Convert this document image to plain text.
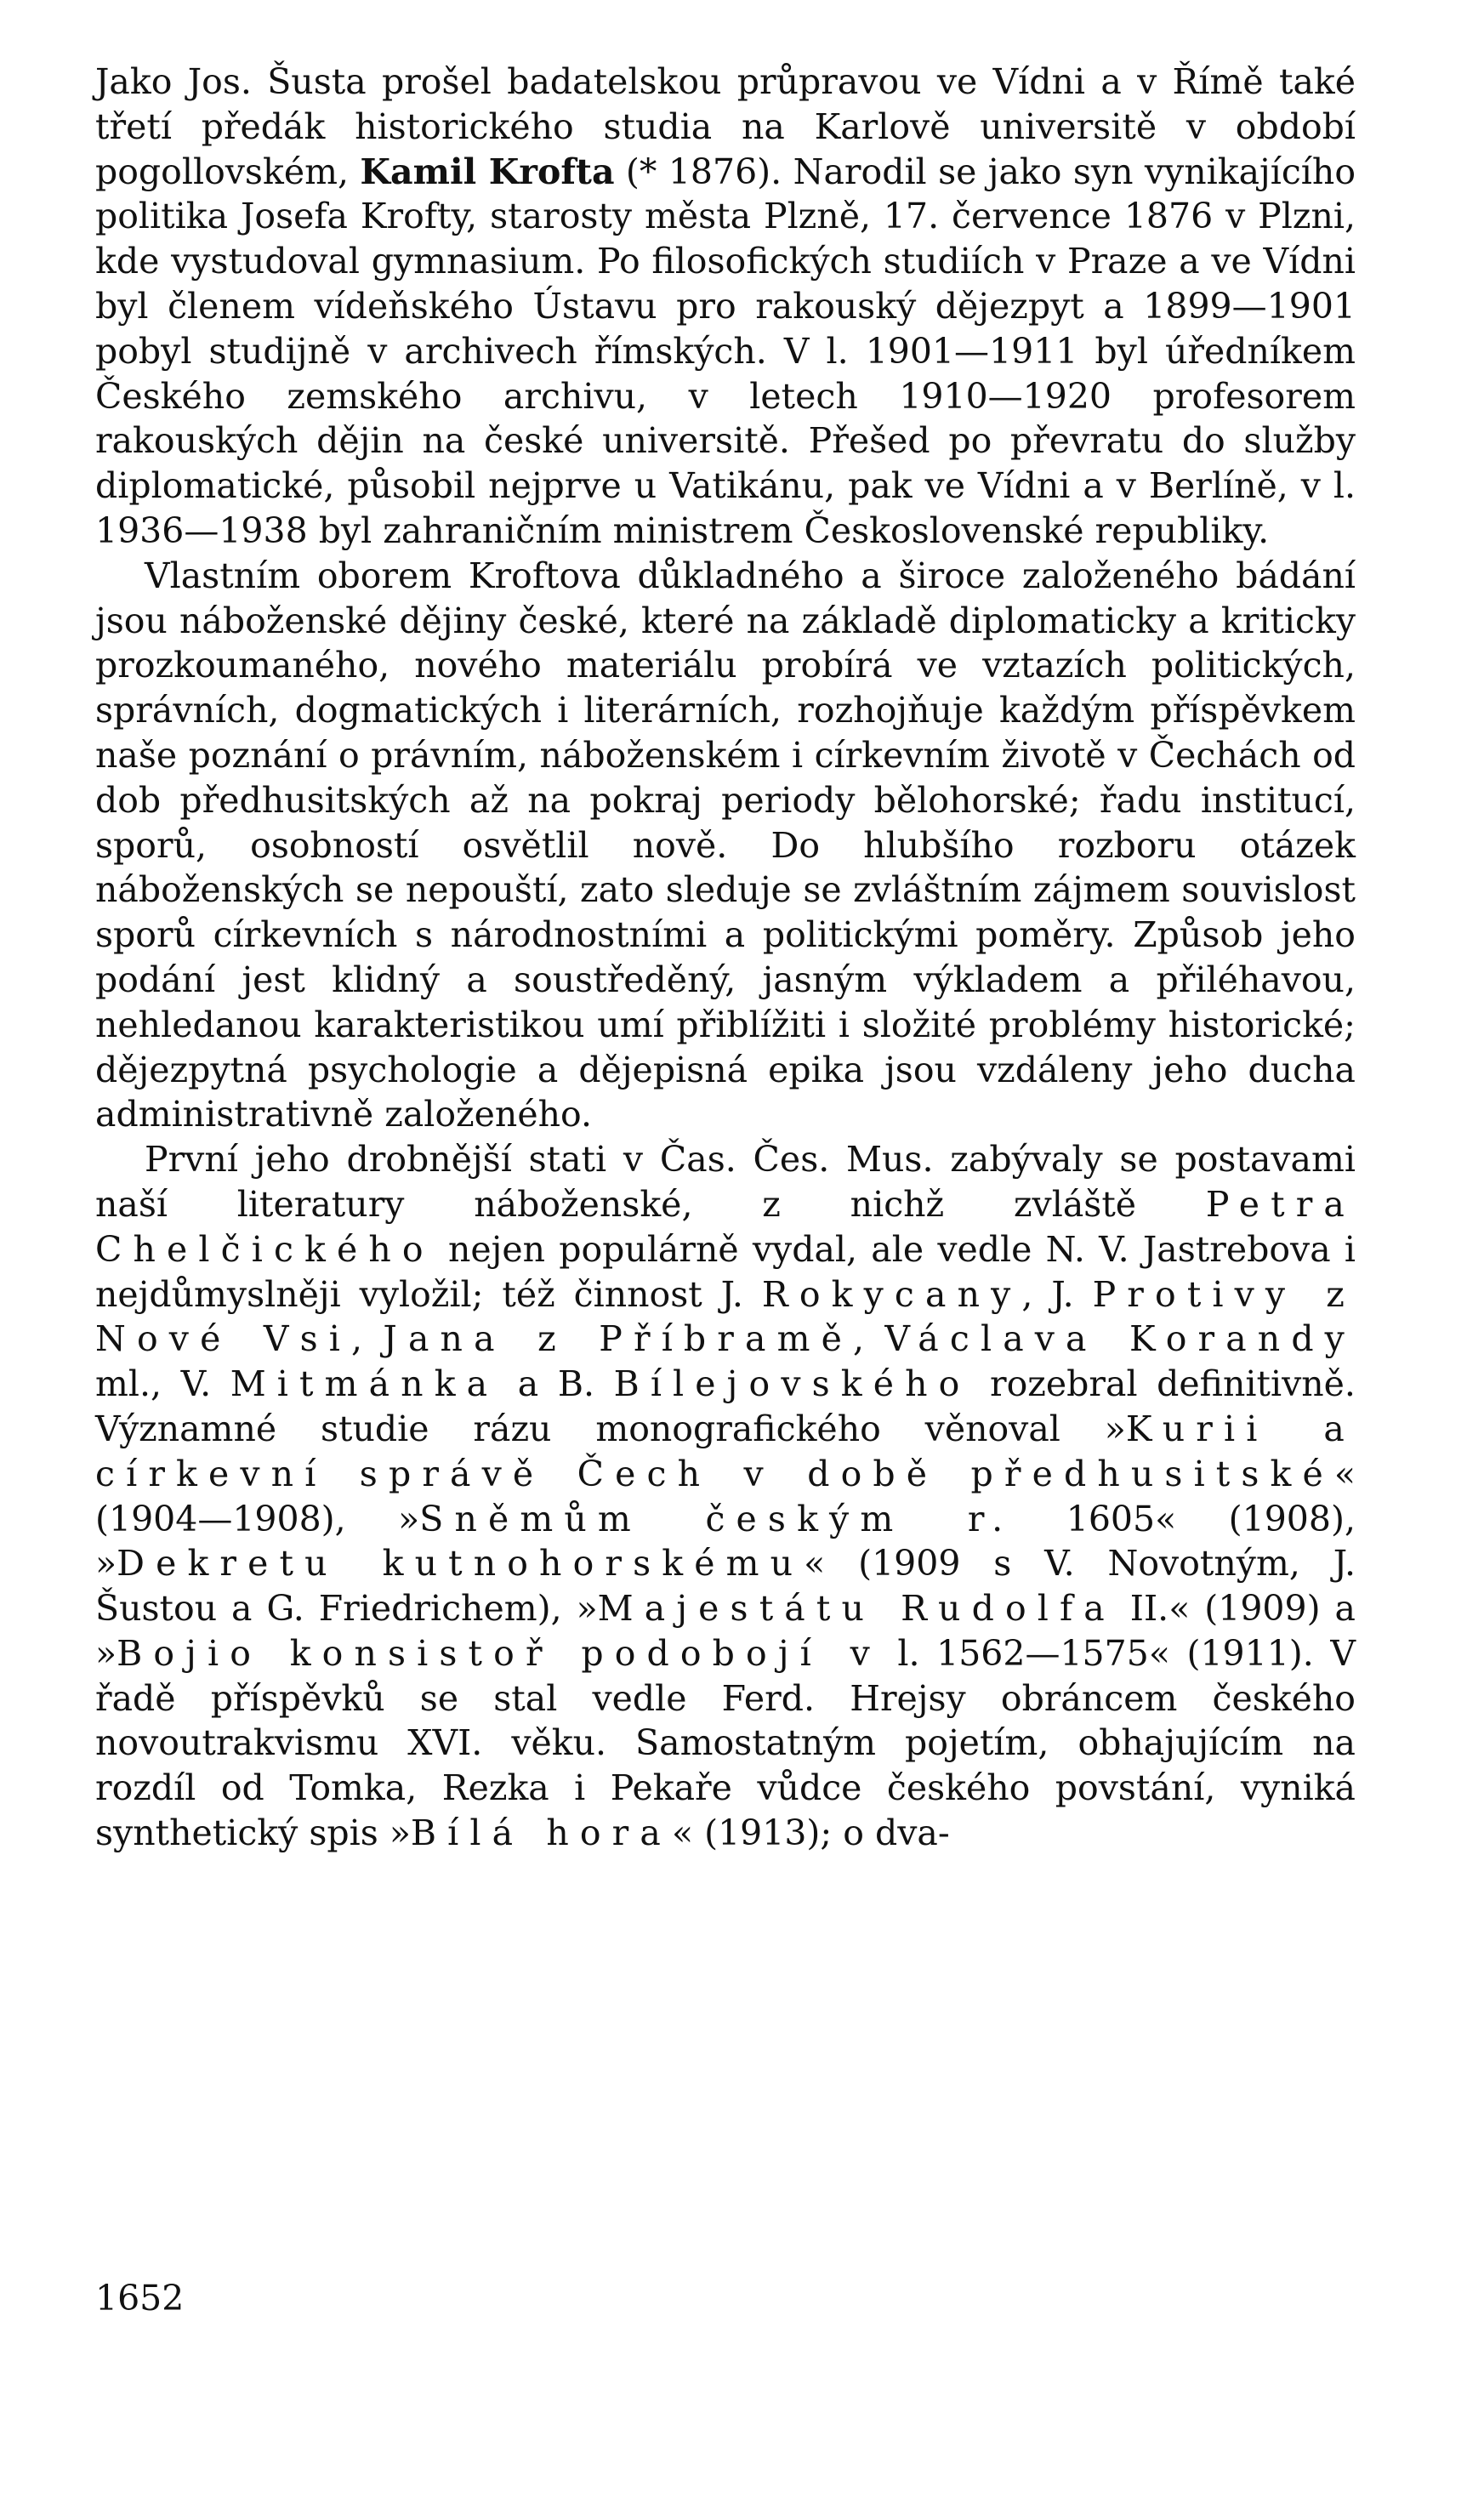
Jako Jos. Šusta prošel badatelskou průpravou ve Vídni a v Římě také třetí předák historického studia na Karlově universitě v období pogollovském, Kamil Krofta (* 1876). Narodil se jako syn vynikajícího politika Josefa Krofty, starosty města Plzně, 17. července 1876 v Plzni, kde vystudoval gymnasium. Po filosofických studiích v Praze a ve Vídni byl členem vídeňského Ústavu pro rakouský dějezpyt a 1899—1901 pobyl studijně v archivech římských. V l. 1901—1911 byl úředníkem Českého zemského archivu, v letech 1910—1920 profesorem rakouských dějin na české universitě. Přešed po převratu do služby diplomatické, působil nejprve u Vatikánu, pak ve Vídni a v Berlíně, v l. 1936—1938 byl zahraničním ministrem Československé republiky.

Vlastním oborem Kroftova důkladného a široce založeného bádání jsou náboženské dějiny české, které na základě diplomaticky a kriticky prozkoumaného, nového materiálu probírá ve vztazích politických, správních, dogmatických i literárních, rozhojňuje každým příspěvkem naše poznání o právním, náboženském i církevním životě v Čechách od dob předhusitských až na pokraj periody bělohorské; řadu institucí, sporů, osobností osvětlil nově. Do hlubšího rozboru otázek náboženských se nepouští, zato sleduje se zvláštním zájmem souvislost sporů církevních s národnostními a politickými poměry. Způsob jeho podání jest klidný a soustředěný, jasným výkladem a přiléhavou, nehledanou karakteristikou umí přiblížiti i složité problémy historické; dějezpytná psychologie a dějepisná epika jsou vzdáleny jeho ducha administrativně založeného.

První jeho drobnější stati v Čas. Čes. Mus. zabývaly se postavami naší literatury náboženské, z nichž zvláště Petra Chelčického nejen populárně vydal, ale vedle N. V. Jastrebova i nejdůmyslněji vyložil; též činnost J. Rokycany, J. Protivy z Nové Vsi, Jana z Příbramě, Václava Korandy ml., V. Mitmánka a B. Bílejovského rozebral definitivně. Významné studie rázu monografického věnoval »Kurii a církevní správě Čech v době předhusitské« (1904—1908), »Sněmům českým r. 1605« (1908), »Dekretu kutnohorskému« (1909 s V. Novotným, J. Šustou a G. Friedrichem), »Majestátu Rudolfa II.« (1909) a »Bojio konsistoř podobojí v l. 1562—1575« (1911). V řadě příspěvků se stal vedle Ferd. Hrejsy obráncem českého novoutrakvismu XVI. věku. Samostatným pojetím, obhajujícím na rozdíl od Tomka, Rezka i Pekaře vůdce českého povstání, vyniká synthetický spis »Bílá hora« (1913); o dva-

1652
